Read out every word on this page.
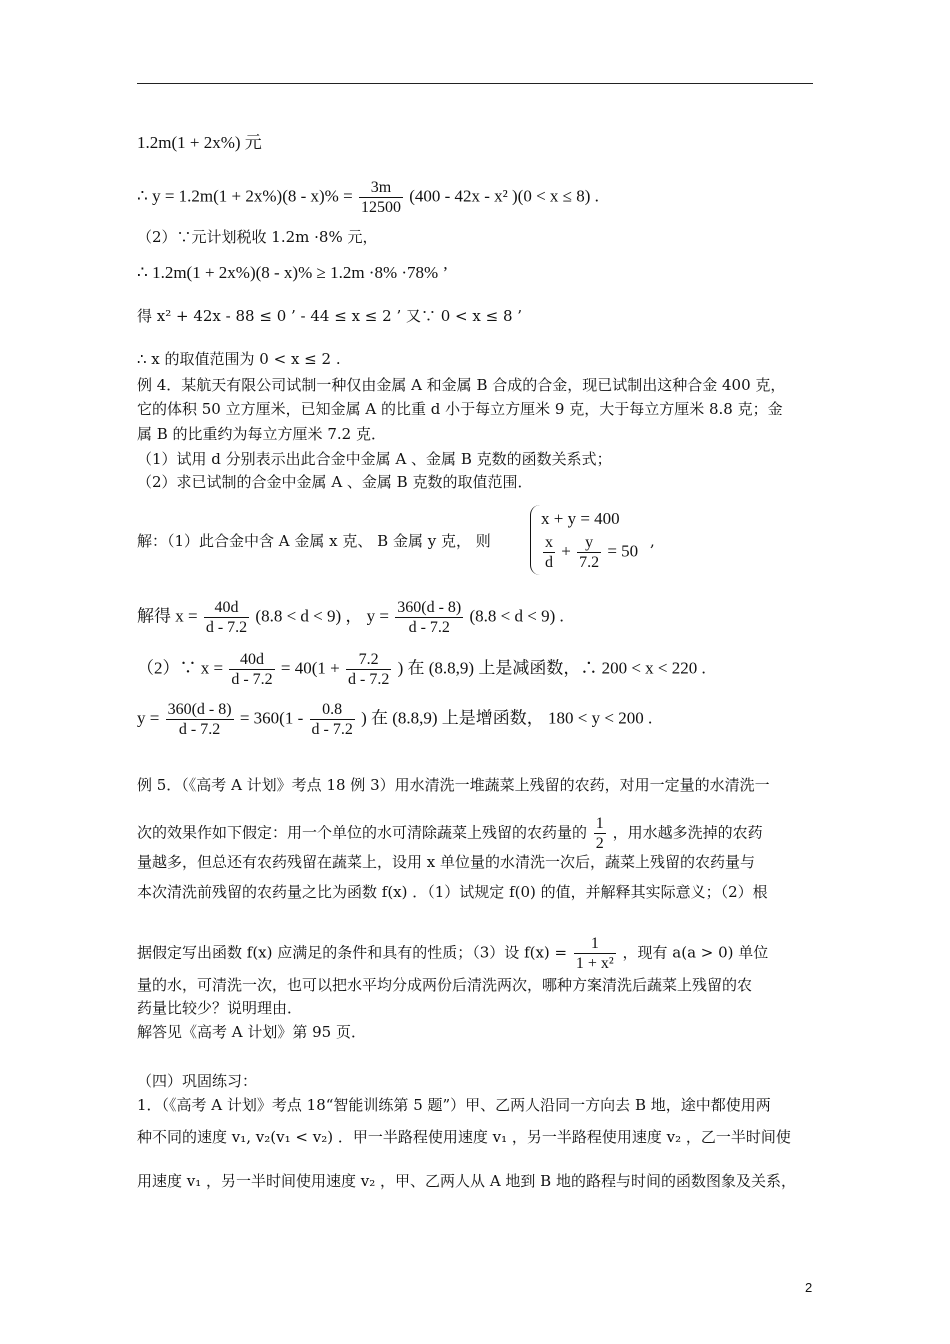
1.2m(1 + 2x%) 元
∴ $y = 1.2m(1 + 2x\%)(8 - x)\% = \frac{3m}{12500} (400 - 42x - x^2$ )(0 < x ≤ 8) .
（2）∵元计划税收 1.2m ·8% 元，
∴ 1.2m(1 + 2x%)(8 - x)% ≥ 1.2m ·8% ·78% ’
得 x² + 42x - 88 ≤ 0 ’ - 44 ≤ x ≤ 2 ’ 又∵ 0 < x ≤ 8 ’
∴ x 的取值范围为 0 < x ≤ 2 .
例 4．某航天有限公司试制一种仅由金属 A 和金属 B 合成的合金，现已试制出这种合金 400 克，
它的体积 50 立方厘米，已知金属 A 的比重 d 小于每立方厘米 9 克，大于每立方厘米 8.8 克；金
属 B 的比重约为每立方厘米 7.2 克．
（1）试用 d 分别表示出此合金中金属 A 、金属 B 克数的函数关系式；
（2）求已试制的合金中金属 A 、金属 B 克数的取值范围．
解：（1）此合金中含 A 金属 x 克、 B 金属 y 克， 则
x + y = 400
$\frac{x}{d} + \frac{y}{7.2} = 50$
,
解得 $x = \frac{40d}{d - 7.2} (8.8 < d < 9)$ ， $y = \frac{360(d - 8)}{d - 7.2} (8.8 < d < 9)$ .
（2）∵ $x = \frac{40d}{d - 7.2} = 40(1 + \frac{7.2}{d - 7.2}$ ) 在 (8.8,9) 上是减函数，∴ 200 < x < 220 .
$y = \frac{360(d - 8)}{d - 7.2} = 360(1 - \frac{0.8}{d - 7.2}$ ) 在 (8.8,9) 上是增函数， 180 < y < 200 .
例 5．（《高考 A 计划》考点 18 例 3）用水清洗一堆蔬菜上残留的农药，对用一定量的水清洗一
次的效果作如下假定：用一个单位的水可清除蔬菜上残留的农药量的 $\frac{1}{2}$ ，用水越多洗掉的农药
量越多，但总还有农药残留在蔬菜上，设用 x 单位量的水清洗一次后，蔬菜上残留的农药量与
本次清洗前残留的农药量之比为函数 f(x) ．（1）试规定 f(0) 的值，并解释其实际意义；（2）根
据假定写出函数 f(x) 应满足的条件和具有的性质；（3）设 $f(x) = \frac{1}{\text{1 + x²}}$ ，现有 a(a > 0) 单位
量的水，可清洗一次，也可以把水平均分成两份后清洗两次，哪种方案清洗后蔬菜上残留的农
药量比较少？说明理由．
解答见《高考 A 计划》第 95 页．
（四）巩固练习：
1．（《高考 A 计划》考点 18“智能训练第 5 题”）甲、乙两人沿同一方向去 B 地，途中都使用两
种不同的速度 v₁, v₂(v₁ < v₂) ．甲一半路程使用速度 v₁ ，另一半路程使用速度 v₂ ，乙一半时间使
用速度 v₁ ，另一半时间使用速度 v₂ ，甲、乙两人从 A 地到 B 地的路程与时间的函数图象及关系，
2
